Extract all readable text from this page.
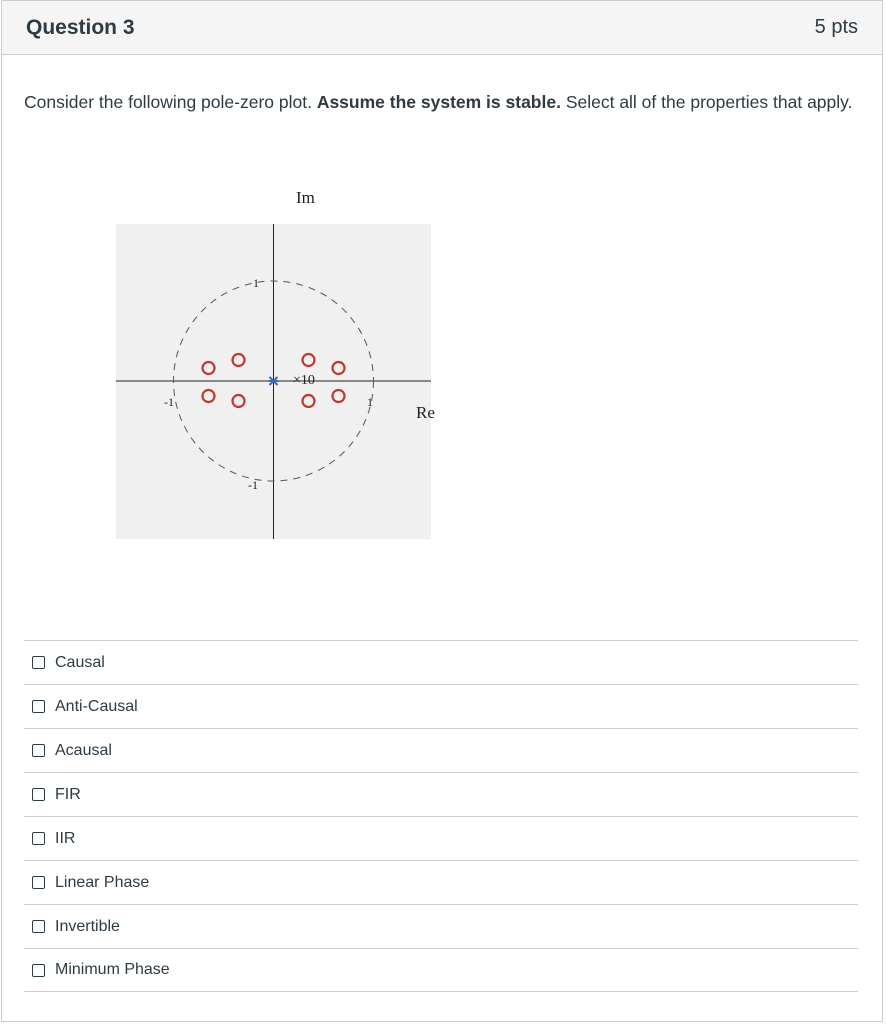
Question 3	5 pts
Consider the following pole-zero plot. Assume the system is stable. Select all of the properties that apply.
Im
Re
×10
1
-1
-1	1
Causal
Anti-Causal
Acausal
FIR
IIR
Linear Phase
Invertible
Minimum Phase
